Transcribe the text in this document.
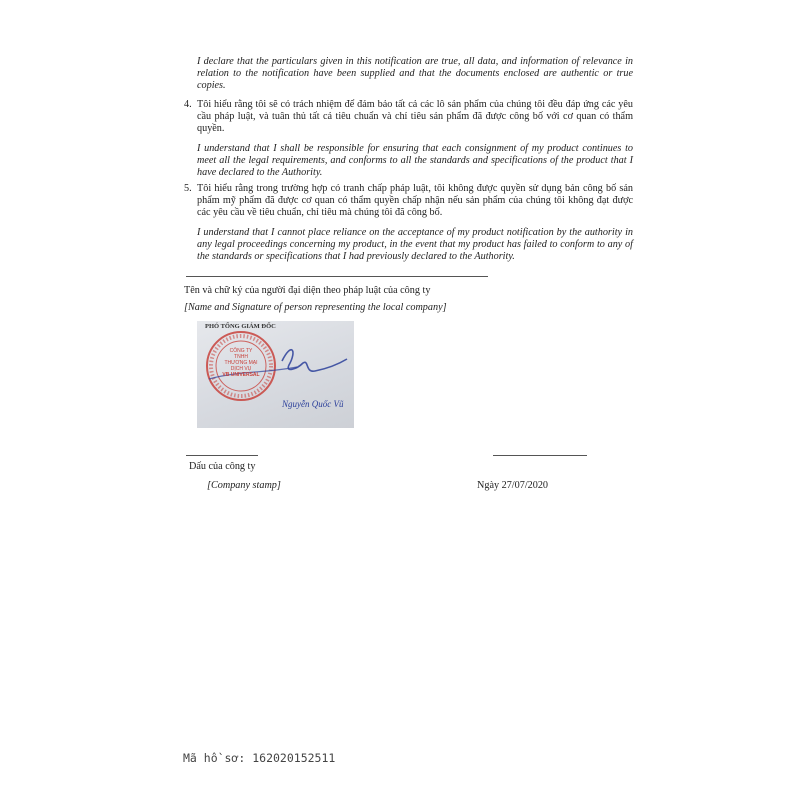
I declare that the particulars given in this notification are true, all data, and information of relevance in relation to the notification have been supplied and that the documents enclosed are authentic or true copies.
4. Tôi hiểu rằng tôi sẽ có trách nhiệm để đảm bảo tất cả các lô sản phẩm của chúng tôi đều đáp ứng các yêu cầu pháp luật, và tuân thủ tất cả tiêu chuẩn và chỉ tiêu sản phẩm đã được công bố với cơ quan có thẩm quyền.
I understand that I shall be responsible for ensuring that each consignment of my product continues to meet all the legal requirements, and conforms to all the standards and specifications of the product that I have declared to the Authority.
5. Tôi hiểu rằng trong trường hợp có tranh chấp pháp luật, tôi không được quyền sử dụng bản công bố sản phẩm mỹ phẩm đã được cơ quan có thẩm quyền chấp nhận nếu sản phẩm của chúng tôi không đạt được các yêu cầu về tiêu chuẩn, chỉ tiêu mà chúng tôi đã công bố.
I understand that I cannot place reliance on the acceptance of my product notification by the authority in any legal proceedings concerning my product, in the event that my product has failed to conform to any of the standards or specifications that I had previously declared to the Authority.
Tên và chữ ký của người đại diện theo pháp luật của công ty
[Name and Signature of person representing the local company]
PHÓ TỔNG GIÁM ĐỐC
CÔNG TY
TNHH
THƯƠNG MẠI DỊCH VỤ
VB UNIVERSAL
Nguyễn Quốc Vũ
Dấu của công ty
[Company stamp]	Ngày 27/07/2020
Mã hồ sơ: 162020152511
